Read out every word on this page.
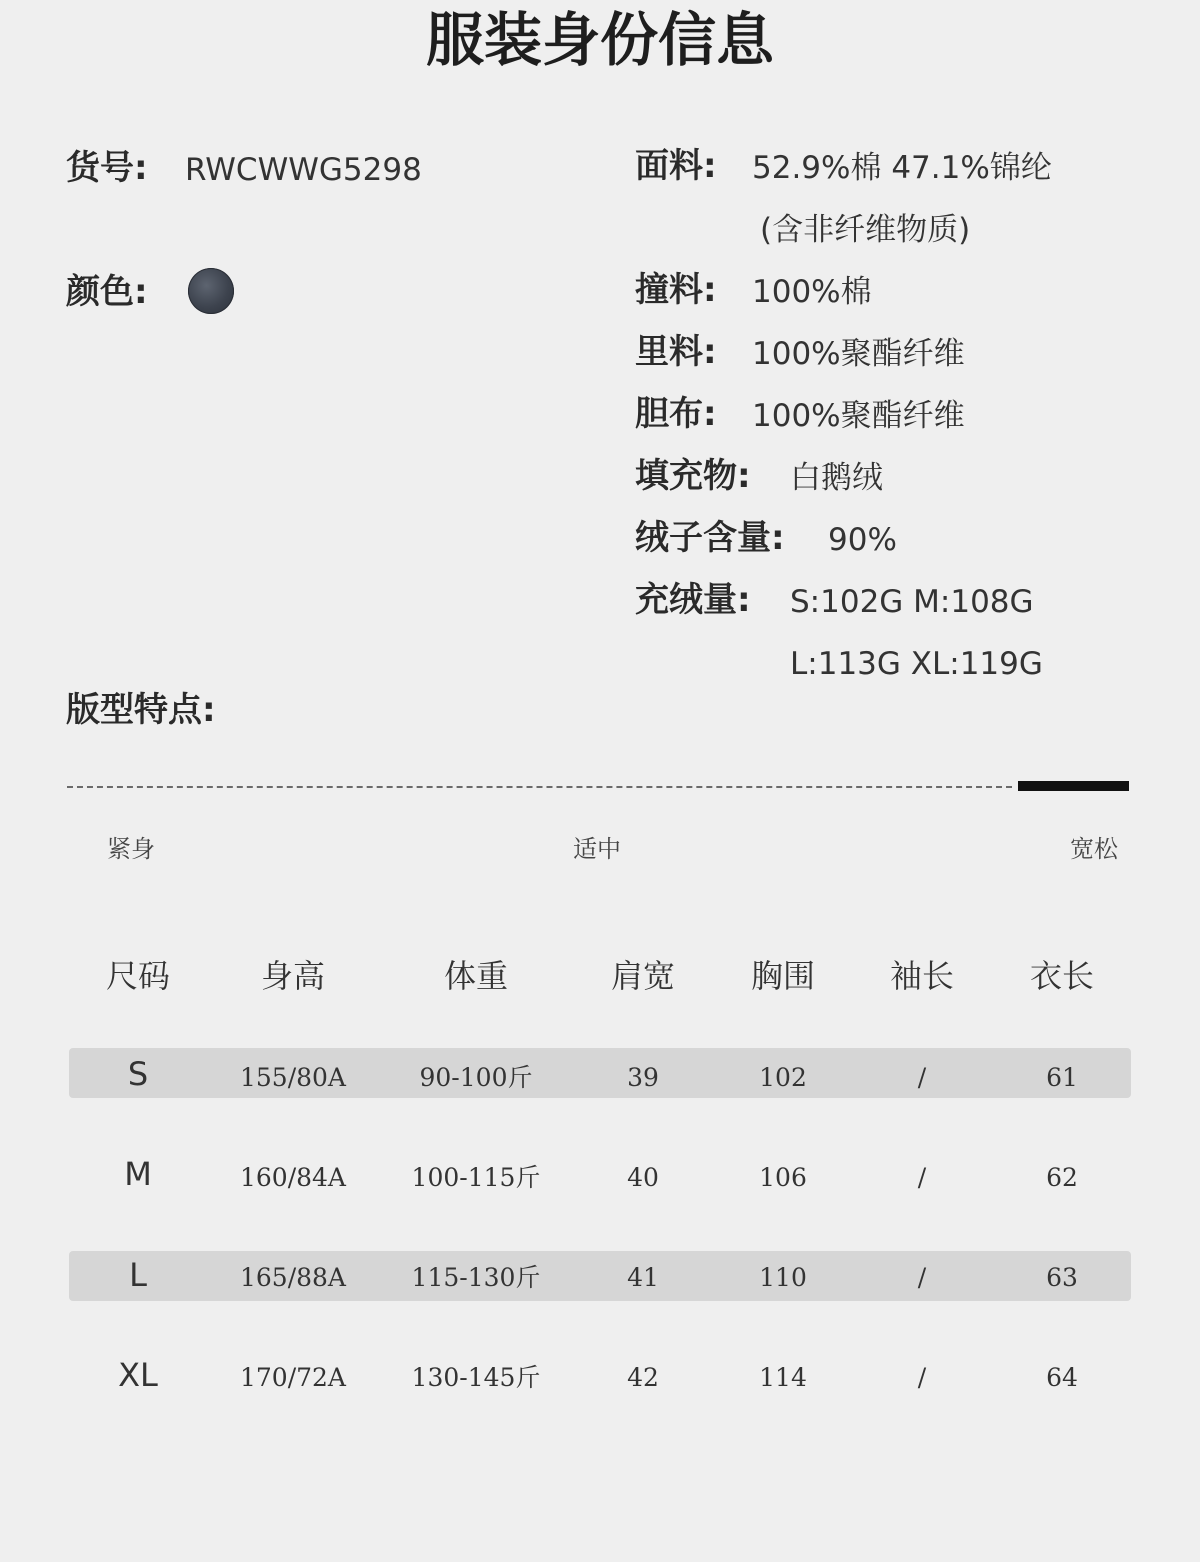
服装身份信息
货号: RWCWWG5298
颜色:
面料: 52.9%棉 47.1%锦纶
(含非纤维物质)
撞料: 100%棉
里料: 100%聚酯纤维
胆布: 100%聚酯纤维
填充物: 白鹅绒
绒子含量: 90%
充绒量: S:102G M:108G
L:113G XL:119G
版型特点:
紧身	适中	宽松
尺码	身高	体重	肩宽	胸围	袖长	衣长
S	155/80A	90-100斤	39	102	/	61
M	160/84A	100-115斤	40	106	/	62
L	165/88A	115-130斤	41	110	/	63
XL	170/72A	130-145斤	42	114	/	64
